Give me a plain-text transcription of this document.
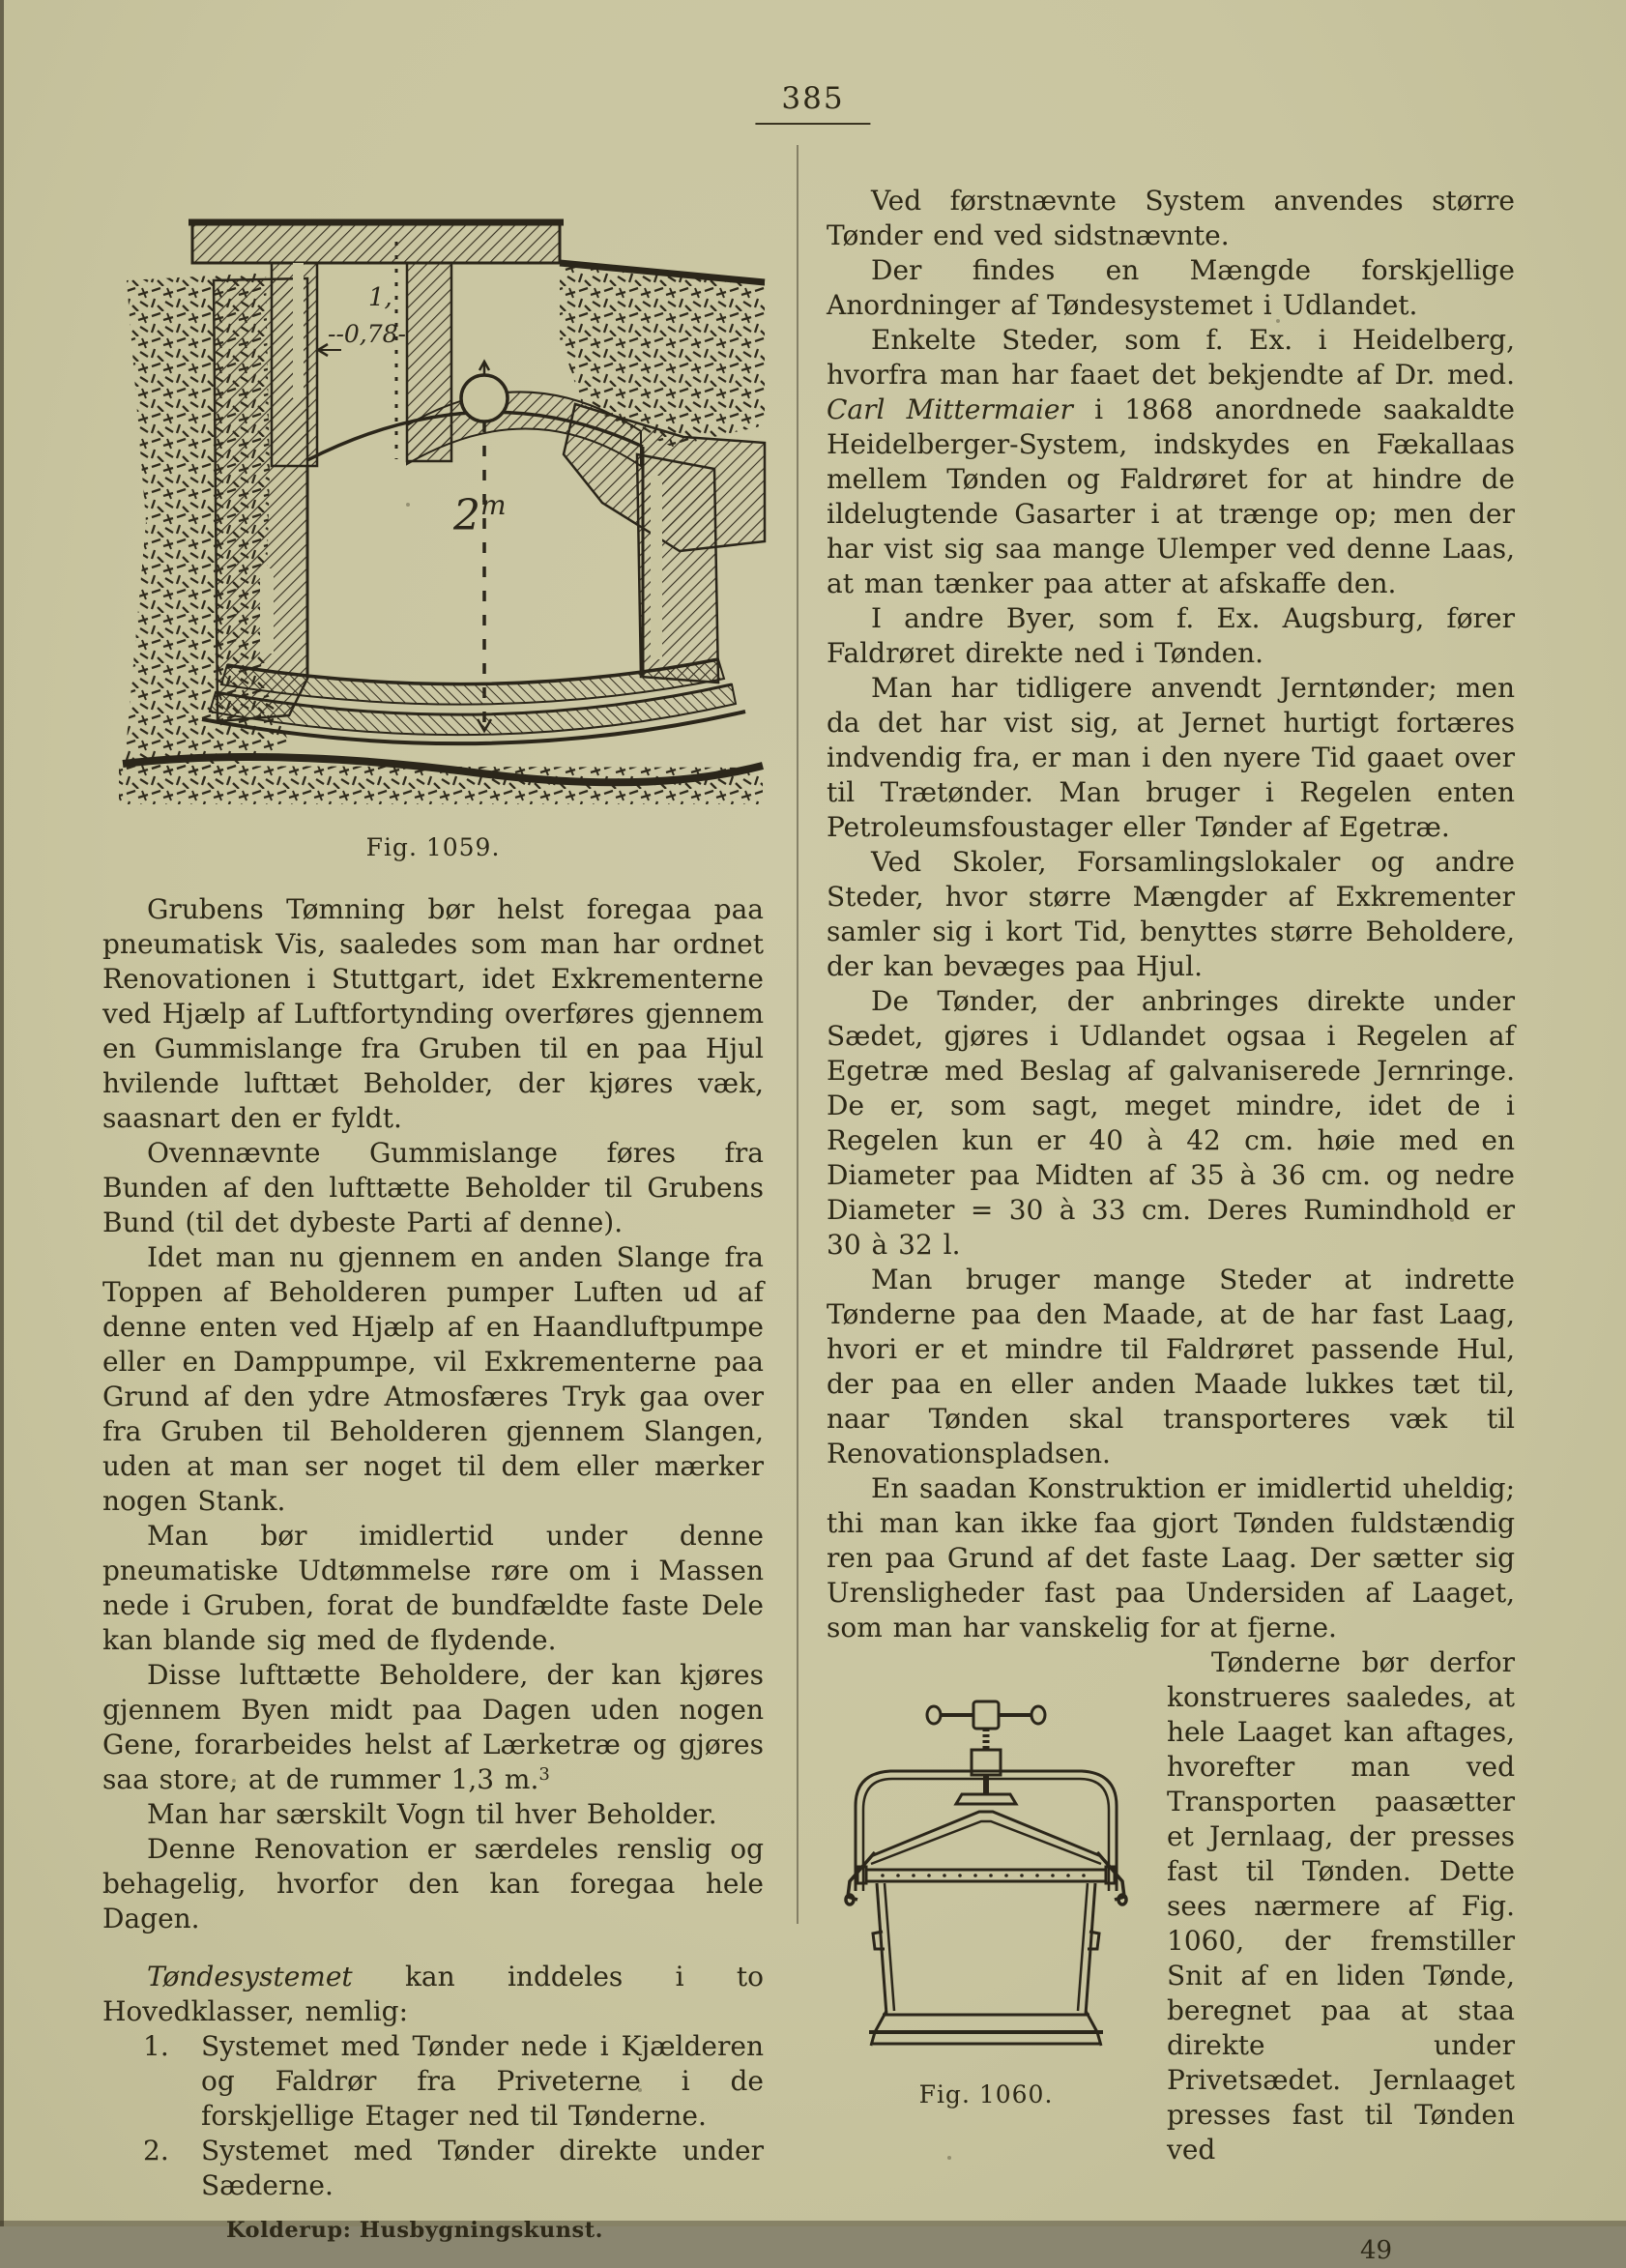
385
--0,78-
1,
2$^m$
Fig. 1059.

Grubens Tømning bør helst foregaa paa pneumatisk Vis, saaledes som man har ordnet Renovationen i Stuttgart, idet Exkrementerne ved Hjælp af Luftfortynding overføres gjennem en Gummislange fra Gruben til en paa Hjul hvilende lufttæt Beholder, der kjøres væk, saasnart den er fyldt.

Ovennævnte Gummislange føres fra Bunden af den lufttætte Beholder til Grubens Bund (til det dybeste Parti af denne).

Idet man nu gjennem en anden Slange fra Toppen af Beholderen pumper Luften ud af denne enten ved Hjælp af en Haandluftpumpe eller en Damppumpe, vil Exkrementerne paa Grund af den ydre Atmosfæres Tryk gaa over fra Gruben til Beholderen gjennem Slangen, uden at man ser noget til dem eller mærker nogen Stank.

Man bør imidlertid under denne pneumatiske Udtømmelse røre om i Massen nede i Gruben, forat de bundfældte faste Dele kan blande sig med de flydende.

Disse lufttætte Beholdere, der kan kjøres gjennem Byen midt paa Dagen uden nogen Gene, forarbeides helst af Lærketræ og gjøres saa store, at de rummer 1,3 m.$^3$

Man har særskilt Vogn til hver Beholder.

Denne Renovation er særdeles renslig og behagelig, hvorfor den kan foregaa hele Dagen.

Tøndesystemet kan inddeles i to Hovedklasser, nemlig:

1. Systemet med Tønder nede i Kjælderen og Faldrør fra Priveterne i de forskjellige Etager ned til Tønderne.
2. Systemet med Tønder direkte under Sæderne.
Kolderup: Husbygningskunst.

Ved førstnævnte System anvendes større Tønder end ved sidstnævnte.

Der findes en Mængde forskjellige Anordninger af Tøndesystemet i Udlandet.

Enkelte Steder, som f. Ex. i Heidelberg, hvorfra man har faaet det bekjendte af Dr. med. Carl Mittermaier i 1868 anordnede saakaldte Heidelberger-System, indskydes en Fækallaas mellem Tønden og Faldrøret for at hindre de ildelugtende Gasarter i at trænge op; men der har vist sig saa mange Ulemper ved denne Laas, at man tænker paa atter at afskaffe den.

I andre Byer, som f. Ex. Augsburg, fører Faldrøret direkte ned i Tønden.

Man har tidligere anvendt Jerntønder; men da det har vist sig, at Jernet hurtigt fortæres indvendig fra, er man i den nyere Tid gaaet over til Trætønder. Man bruger i Regelen enten Petroleumsfoustager eller Tønder af Egetræ.

Ved Skoler, Forsamlingslokaler og andre Steder, hvor større Mængder af Exkrementer samler sig i kort Tid, benyttes større Beholdere, der kan bevæges paa Hjul.

De Tønder, der anbringes direkte under Sædet, gjøres i Udlandet ogsaa i Regelen af Egetræ med Beslag af galvaniserede Jernringe. De er, som sagt, meget mindre, idet de i Regelen kun er 40 à 42 cm. høie med en Diameter paa Midten af 35 à 36 cm. og nedre Diameter = 30 à 33 cm. Deres Rumindhold er 30 à 32 l.

Man bruger mange Steder at indrette Tønderne paa den Maade, at de har fast Laag, hvori er et mindre til Faldrøret passende Hul, der paa en eller anden Maade lukkes tæt til, naar Tønden skal transporteres væk til Renovationspladsen.

En saadan Konstruktion er imidlertid uheldig; thi man kan ikke faa gjort Tønden fuldstændig ren paa Grund af det faste Laag. Der sætter sig Urensligheder fast paa Undersiden af Laaget, som man har vanskelig for at fjerne.

Fig. 1060.

Tønderne bør derfor konstrueres saaledes, at hele Laaget kan aftages, hvorefter man ved Transporten paasætter et Jernlaag, der presses fast til Tønden. Dette sees nærmere af Fig. 1060, der fremstiller Snit af en liden Tønde, beregnet paa at staa direkte under Privetsædet. Jernlaaget presses fast til Tønden ved

49
